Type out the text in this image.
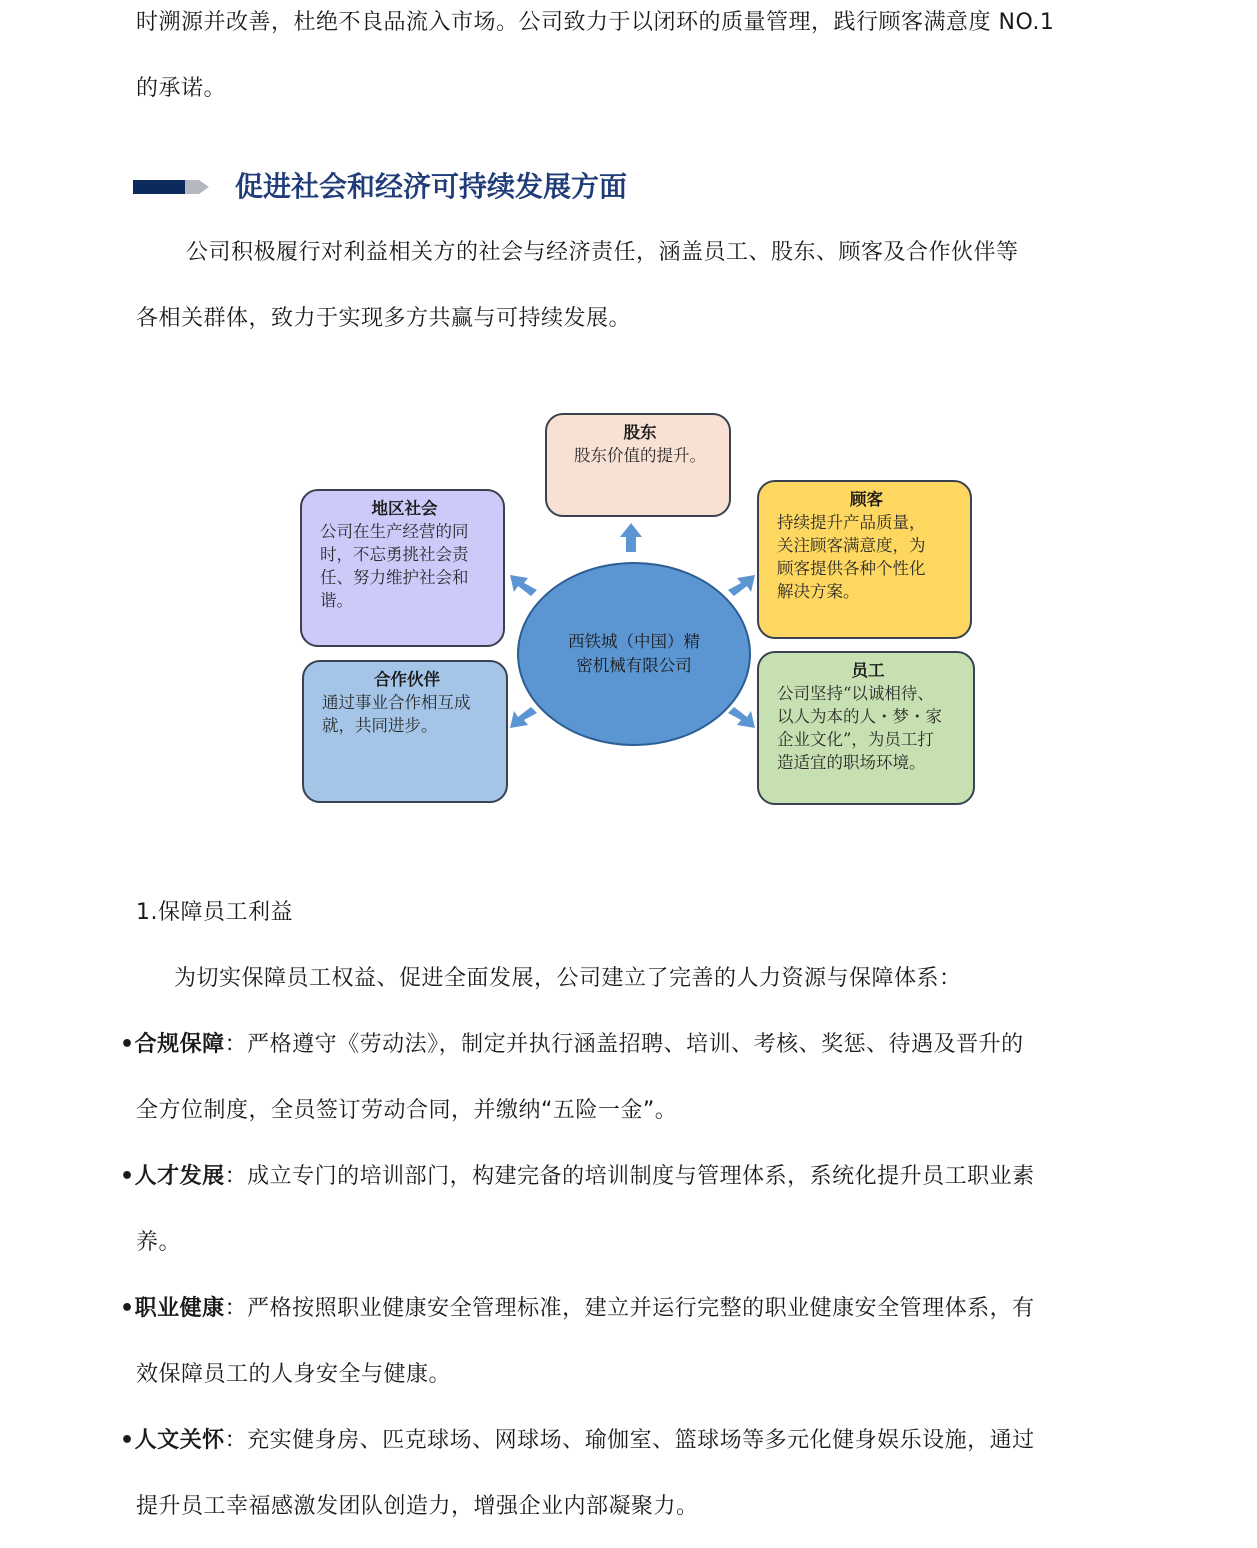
时溯源并改善，杜绝不良品流入市场。公司致力于以闭环的质量管理，践行顾客满意度 NO.1
的承诺。
促进社会和经济可持续发展方面
公司积极履行对利益相关方的社会与经济责任，涵盖员工、股东、顾客及合作伙伴等
各相关群体，致力于实现多方共赢与可持续发展。
股东
股东价值的提升。
地区社会
公司在生产经营的同
时，不忘勇挑社会责
任、努力维护社会和
谐。
顾客
持续提升产品质量，
关注顾客满意度，为
顾客提供各种个性化
解决方案。
合作伙伴
通过事业合作相互成
就，共同进步。
员工
公司坚持“以诚相待、
以人为本的人・梦・家
企业文化”，为员工打
造适宜的职场环境。
西铁城（中国）精
密机械有限公司
1.保障员工利益
为切实保障员工权益、促进全面发展，公司建立了完善的人力资源与保障体系：
•合规保障：严格遵守《劳动法》，制定并执行涵盖招聘、培训、考核、奖惩、待遇及晋升的
全方位制度，全员签订劳动合同，并缴纳“五险一金”。
•人才发展：成立专门的培训部门，构建完备的培训制度与管理体系，系统化提升员工职业素
养。
•职业健康：严格按照职业健康安全管理标准，建立并运行完整的职业健康安全管理体系，有
效保障员工的人身安全与健康。
•人文关怀：充实健身房、匹克球场、网球场、瑜伽室、篮球场等多元化健身娱乐设施，通过
提升员工幸福感激发团队创造力，增强企业内部凝聚力。
